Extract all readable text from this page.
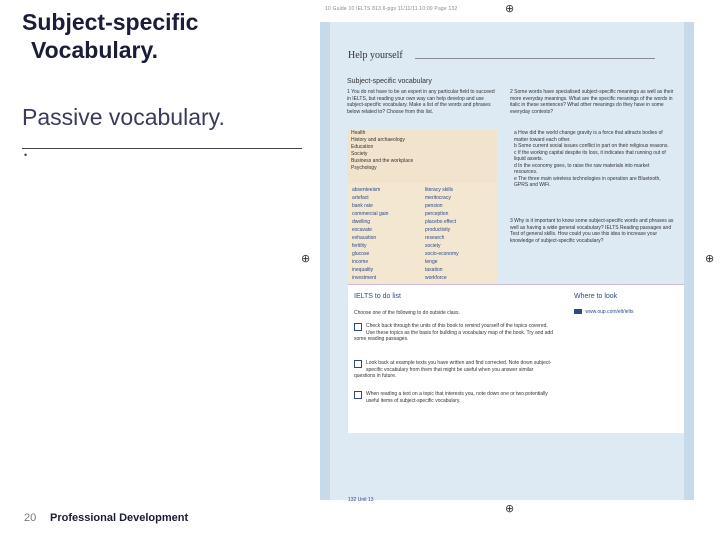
Subject-specific
Vocabulary.
Passive vocabulary.
•
20 Professional Development
10 Guide 10 IELTS 813.6-pgs 11/11/11 10:09 Page 132	⊕
⊕	⊕
⊕
Help yourself
Subject-specific vocabulary
1 You do not have to be an expert in any particular field to succeed in IELTS, but reading your own way can help develop and use subject-specific vocabulary. Make a list of the words and phrases below related to? Choose from this list.
Health
History and archaeology
Education
Society
Business and the workplace
Psychology
absenteeism
artefact
bank rate
commercial gain
dwelling
excavate
exhaustion
fertility
glucose
income
inequality
investment
literacy skills
meritocracy
pension
perception
placebo effect
productivity
research
society
socio-economy
tenge
taxation
workforce
2 Some words have specialised subject-specific meanings as well as their more everyday meanings. What are the specific meanings of the words in italic in these sentences? What other meanings do they have in some everyday contexts?
a How did the world change gravity is a force that attracts bodies of matter toward each other.
b Some current social issues conflict in part on their religious reasons.
c If the working capital despite its loss, it indicates that running out of liquid assets.
d In the economy goes, to raise the raw materials into market resources.
e The three main wireless technologies in operation are Bluetooth, GPRS and WiFi.
3 Why is it important to know some subject-specific words and phrases as well as having a wide general vocabulary? IELTS Reading passages and Test of general skills. How could you use this idea to increase your knowledge of subject-specific vocabulary?
IELTS to do list
Choose one of the following to do outside class.
Check back through the units of this book to remind yourself of the topics covered. Use these topics as the basis for building a vocabulary map of the book. Try and add some reading passages.
Look back at example texts you have written and find corrected. Note down subject-specific vocabulary from them that might be useful when you answer similar questions in future.
When reading a text on a topic that interests you, note down one or two potentially useful items of subject-specific vocabulary.
Where to look
www.oup.com/elt/ielts
132 Unit 13
